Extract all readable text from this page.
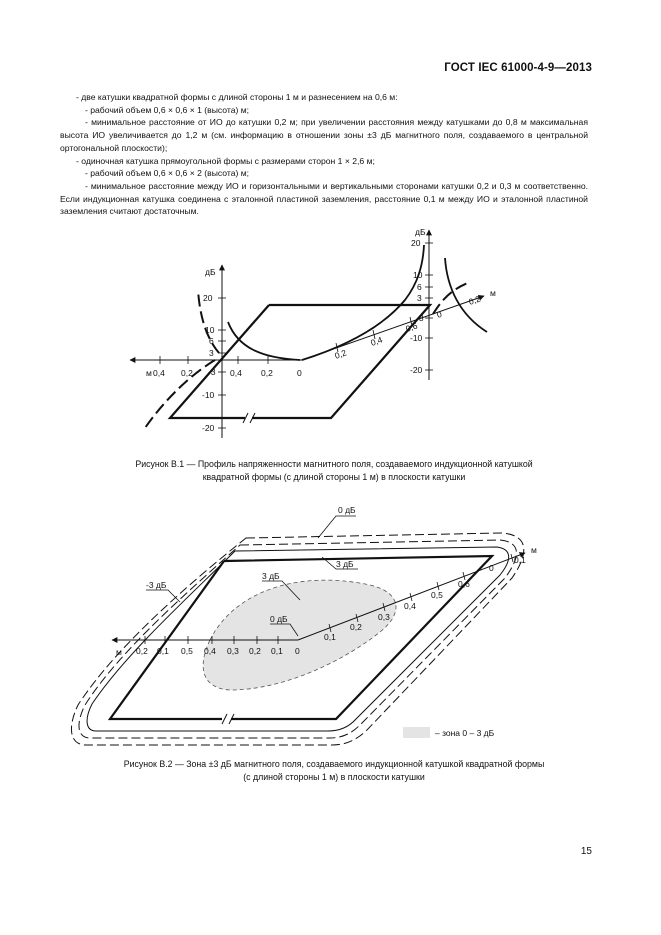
ГОСТ IEC 61000-4-9—2013

- две катушки квадратной формы с длиной стороны 1 м и разнесением на 0,6 м:

- рабочий объем 0,6 × 0,6 × 1 (высота) м;

- минимальное расстояние от ИО до катушки 0,2 м; при увеличении расстояния между катушками до 0,8 м максимальная высота ИО увеличивается до 1,2 м (см. информацию в отношении зоны ±3 дБ магнитного поля, создаваемого в центральной ортогональной плоскости);

- одиночная катушка прямоугольной формы с размерами сторон 1 × 2,6 м;

- рабочий объем 0,6 × 0,6 × 2 (высота) м;

- минимальное расстояние между ИО и горизонтальными и вертикальными сторонами катушки 0,2 и 0,3 м соответственно. Если индукционная катушка соединена с эталонной пластиной заземления, расстояние 0,1 м между ИО и эталонной пластиной заземления считают достаточным.

дБ
20
10
6
3
-3
-10
-20
м 0,4 0,2	0,4 0,2	0
м
0,2
0,4
0,6
0
0,2
дБ
20
10
6
3
-3
-10
-20
0 дБ
3 дБ
-3 дБ
3 дБ
0 дБ
м 0,2 0,1 0,5 0,4 0,3 0,2 0,1 0
м
0,1
0,2
0,3
0,4
0,5
0,6
0
0,1
– зона 0 – 3 дБ

Рисунок В.1 — Профиль напряженности магнитного поля, создаваемого индукционной катушкой

квадратной формы (с длиной стороны 1 м) в плоскости катушки

Рисунок В.2 — Зона ±3 дБ магнитного поля, создаваемого индукционной катушкой квадратной формы

(с длиной стороны 1 м) в плоскости катушки

15
